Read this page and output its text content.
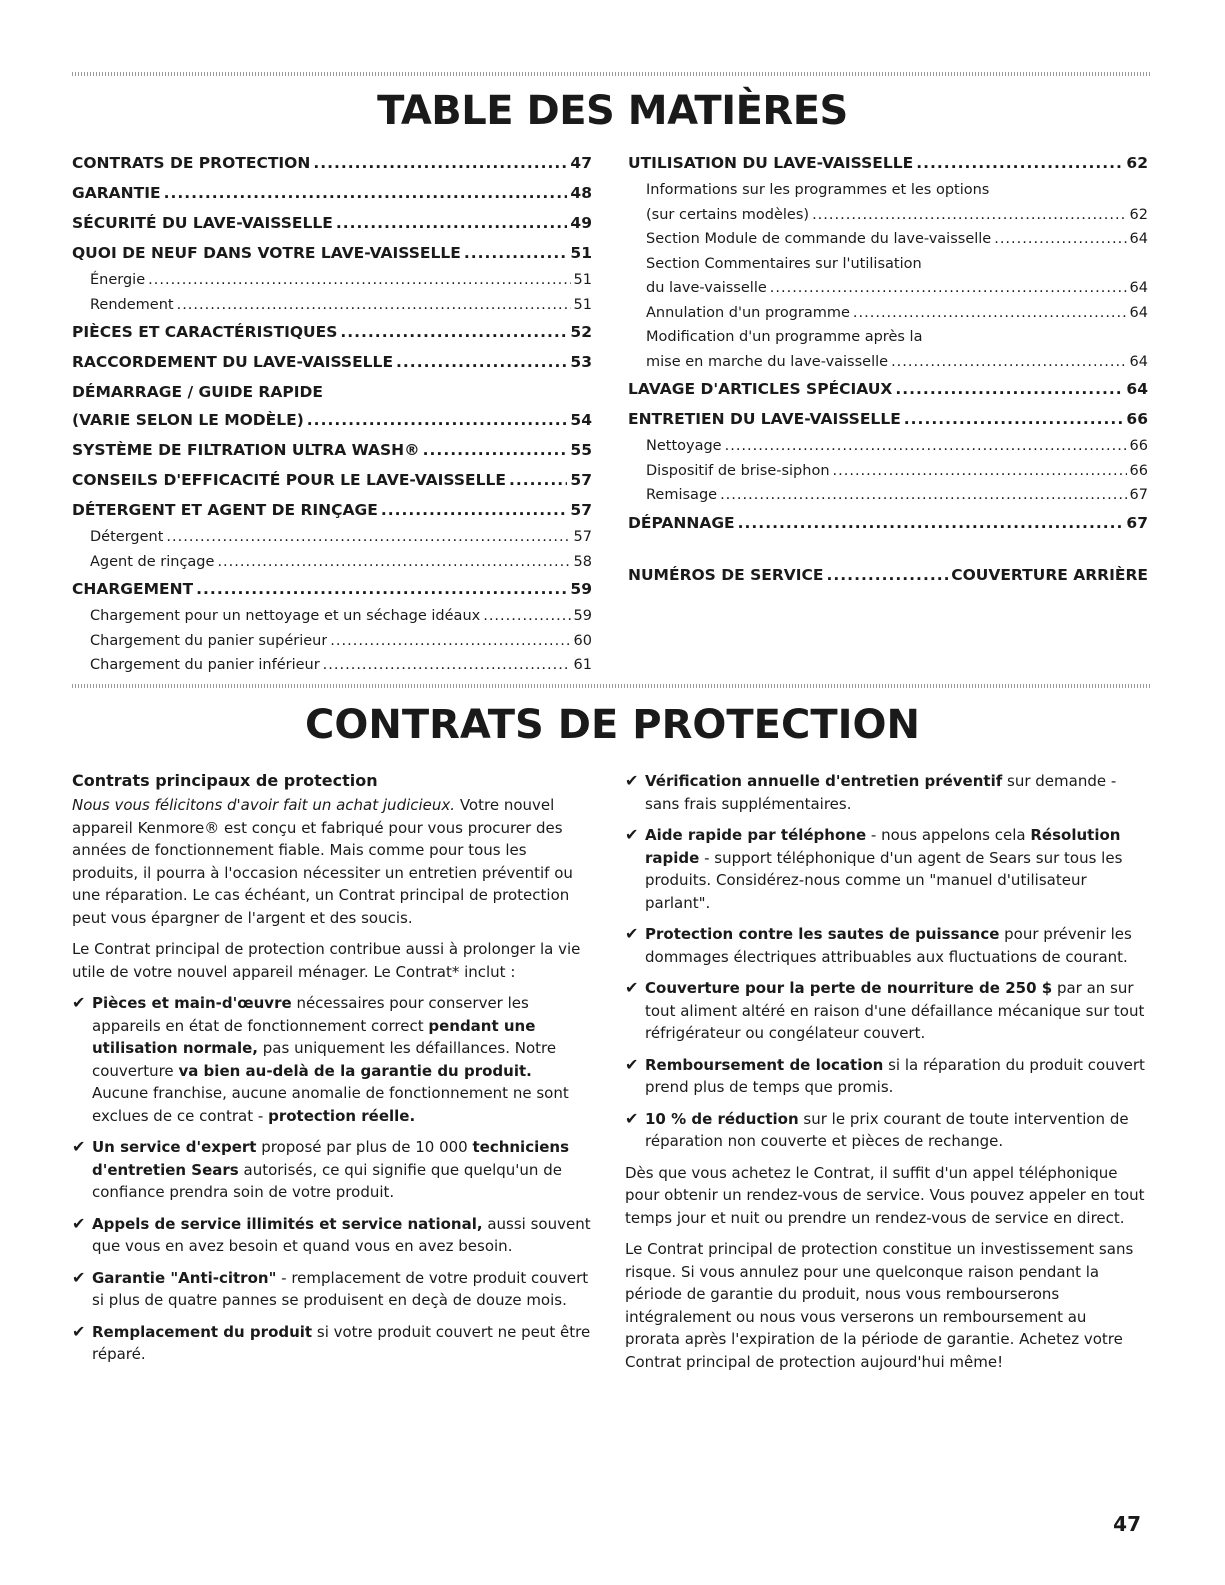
TABLE DES MATIÈRES
CONTRATS DE PROTECTION .....	47
GARANTIE .....	48
SÉCURITÉ DU LAVE-VAISSELLE .....	49
QUOI DE NEUF DANS VOTRE LAVE-VAISSELLE .....	51
Énergie .....	51
Rendement .....	51
PIÈCES ET CARACTÉRISTIQUES .....	52
RACCORDEMENT DU LAVE-VAISSELLE .....	53
DÉMARRAGE / GUIDE RAPIDE
(VARIE SELON LE MODÈLE) .....	54
SYSTÈME DE FILTRATION ULTRA WASH® .....	55
CONSEILS D'EFFICACITÉ POUR LE LAVE-VAISSELLE .....	57
DÉTERGENT ET AGENT DE RINÇAGE .....	57
Détergent .....	57
Agent de rinçage .....	58
CHARGEMENT .....	59
Chargement pour un nettoyage et un séchage idéaux .....	59
Chargement du panier supérieur .....	60
Chargement du panier inférieur .....	61
UTILISATION DU LAVE-VAISSELLE .....	62
Informations sur les programmes et les options
(sur certains modèles) .....	62
Section Module de commande du lave-vaisselle .....	64
Section Commentaires sur l'utilisation
du lave-vaisselle .....	64
Annulation d'un programme .....	64
Modification d'un programme après la
mise en marche du lave-vaisselle .....	64
LAVAGE D'ARTICLES SPÉCIAUX .....	64
ENTRETIEN DU LAVE-VAISSELLE .....	66
Nettoyage .....	66
Dispositif de brise-siphon .....	66
Remisage .....	67
DÉPANNAGE .....	67
NUMÉROS DE SERVICE .....	COUVERTURE ARRIÈRE
CONTRATS DE PROTECTION
Contrats principaux de protection

Nous vous félicitons d'avoir fait un achat judicieux. Votre nouvel appareil Kenmore® est conçu et fabriqué pour vous procurer des années de fonctionnement fiable. Mais comme pour tous les produits, il pourra à l'occasion nécessiter un entretien préventif ou une réparation. Le cas échéant, un Contrat principal de protection peut vous épargner de l'argent et des soucis.

Le Contrat principal de protection contribue aussi à prolonger la vie utile de votre nouvel appareil ménager. Le Contrat* inclut :

✔ Pièces et main-d'œuvre nécessaires pour conserver les appareils en état de fonctionnement correct pendant une utilisation normale, pas uniquement les défaillances. Notre couverture va bien au-delà de la garantie du produit. Aucune franchise, aucune anomalie de fonctionnement ne sont exclues de ce contrat - protection réelle.
✔ Un service d'expert proposé par plus de 10 000 techniciens d'entretien Sears autorisés, ce qui signifie que quelqu'un de confiance prendra soin de votre produit.
✔ Appels de service illimités et service national, aussi souvent que vous en avez besoin et quand vous en avez besoin.
✔ Garantie "Anti-citron" - remplacement de votre produit couvert si plus de quatre pannes se produisent en deçà de douze mois.
✔ Remplacement du produit si votre produit couvert ne peut être réparé.
✔ Vérification annuelle d'entretien préventif sur demande - sans frais supplémentaires.
✔ Aide rapide par téléphone - nous appelons cela Résolution rapide - support téléphonique d'un agent de Sears sur tous les produits. Considérez-nous comme un "manuel d'utilisateur parlant".
✔ Protection contre les sautes de puissance pour prévenir les dommages électriques attribuables aux fluctuations de courant.
✔ Couverture pour la perte de nourriture de 250 $ par an sur tout aliment altéré en raison d'une défaillance mécanique sur tout réfrigérateur ou congélateur couvert.
✔ Remboursement de location si la réparation du produit couvert prend plus de temps que promis.
✔ 10 % de réduction sur le prix courant de toute intervention de réparation non couverte et pièces de rechange.

Dès que vous achetez le Contrat, il suffit d'un appel téléphonique pour obtenir un rendez-vous de service. Vous pouvez appeler en tout temps jour et nuit ou prendre un rendez-vous de service en direct.

Le Contrat principal de protection constitue un investissement sans risque. Si vous annulez pour une quelconque raison pendant la période de garantie du produit, nous vous rembourserons intégralement ou nous vous verserons un remboursement au prorata après l'expiration de la période de garantie. Achetez votre Contrat principal de protection aujourd'hui même!

47
